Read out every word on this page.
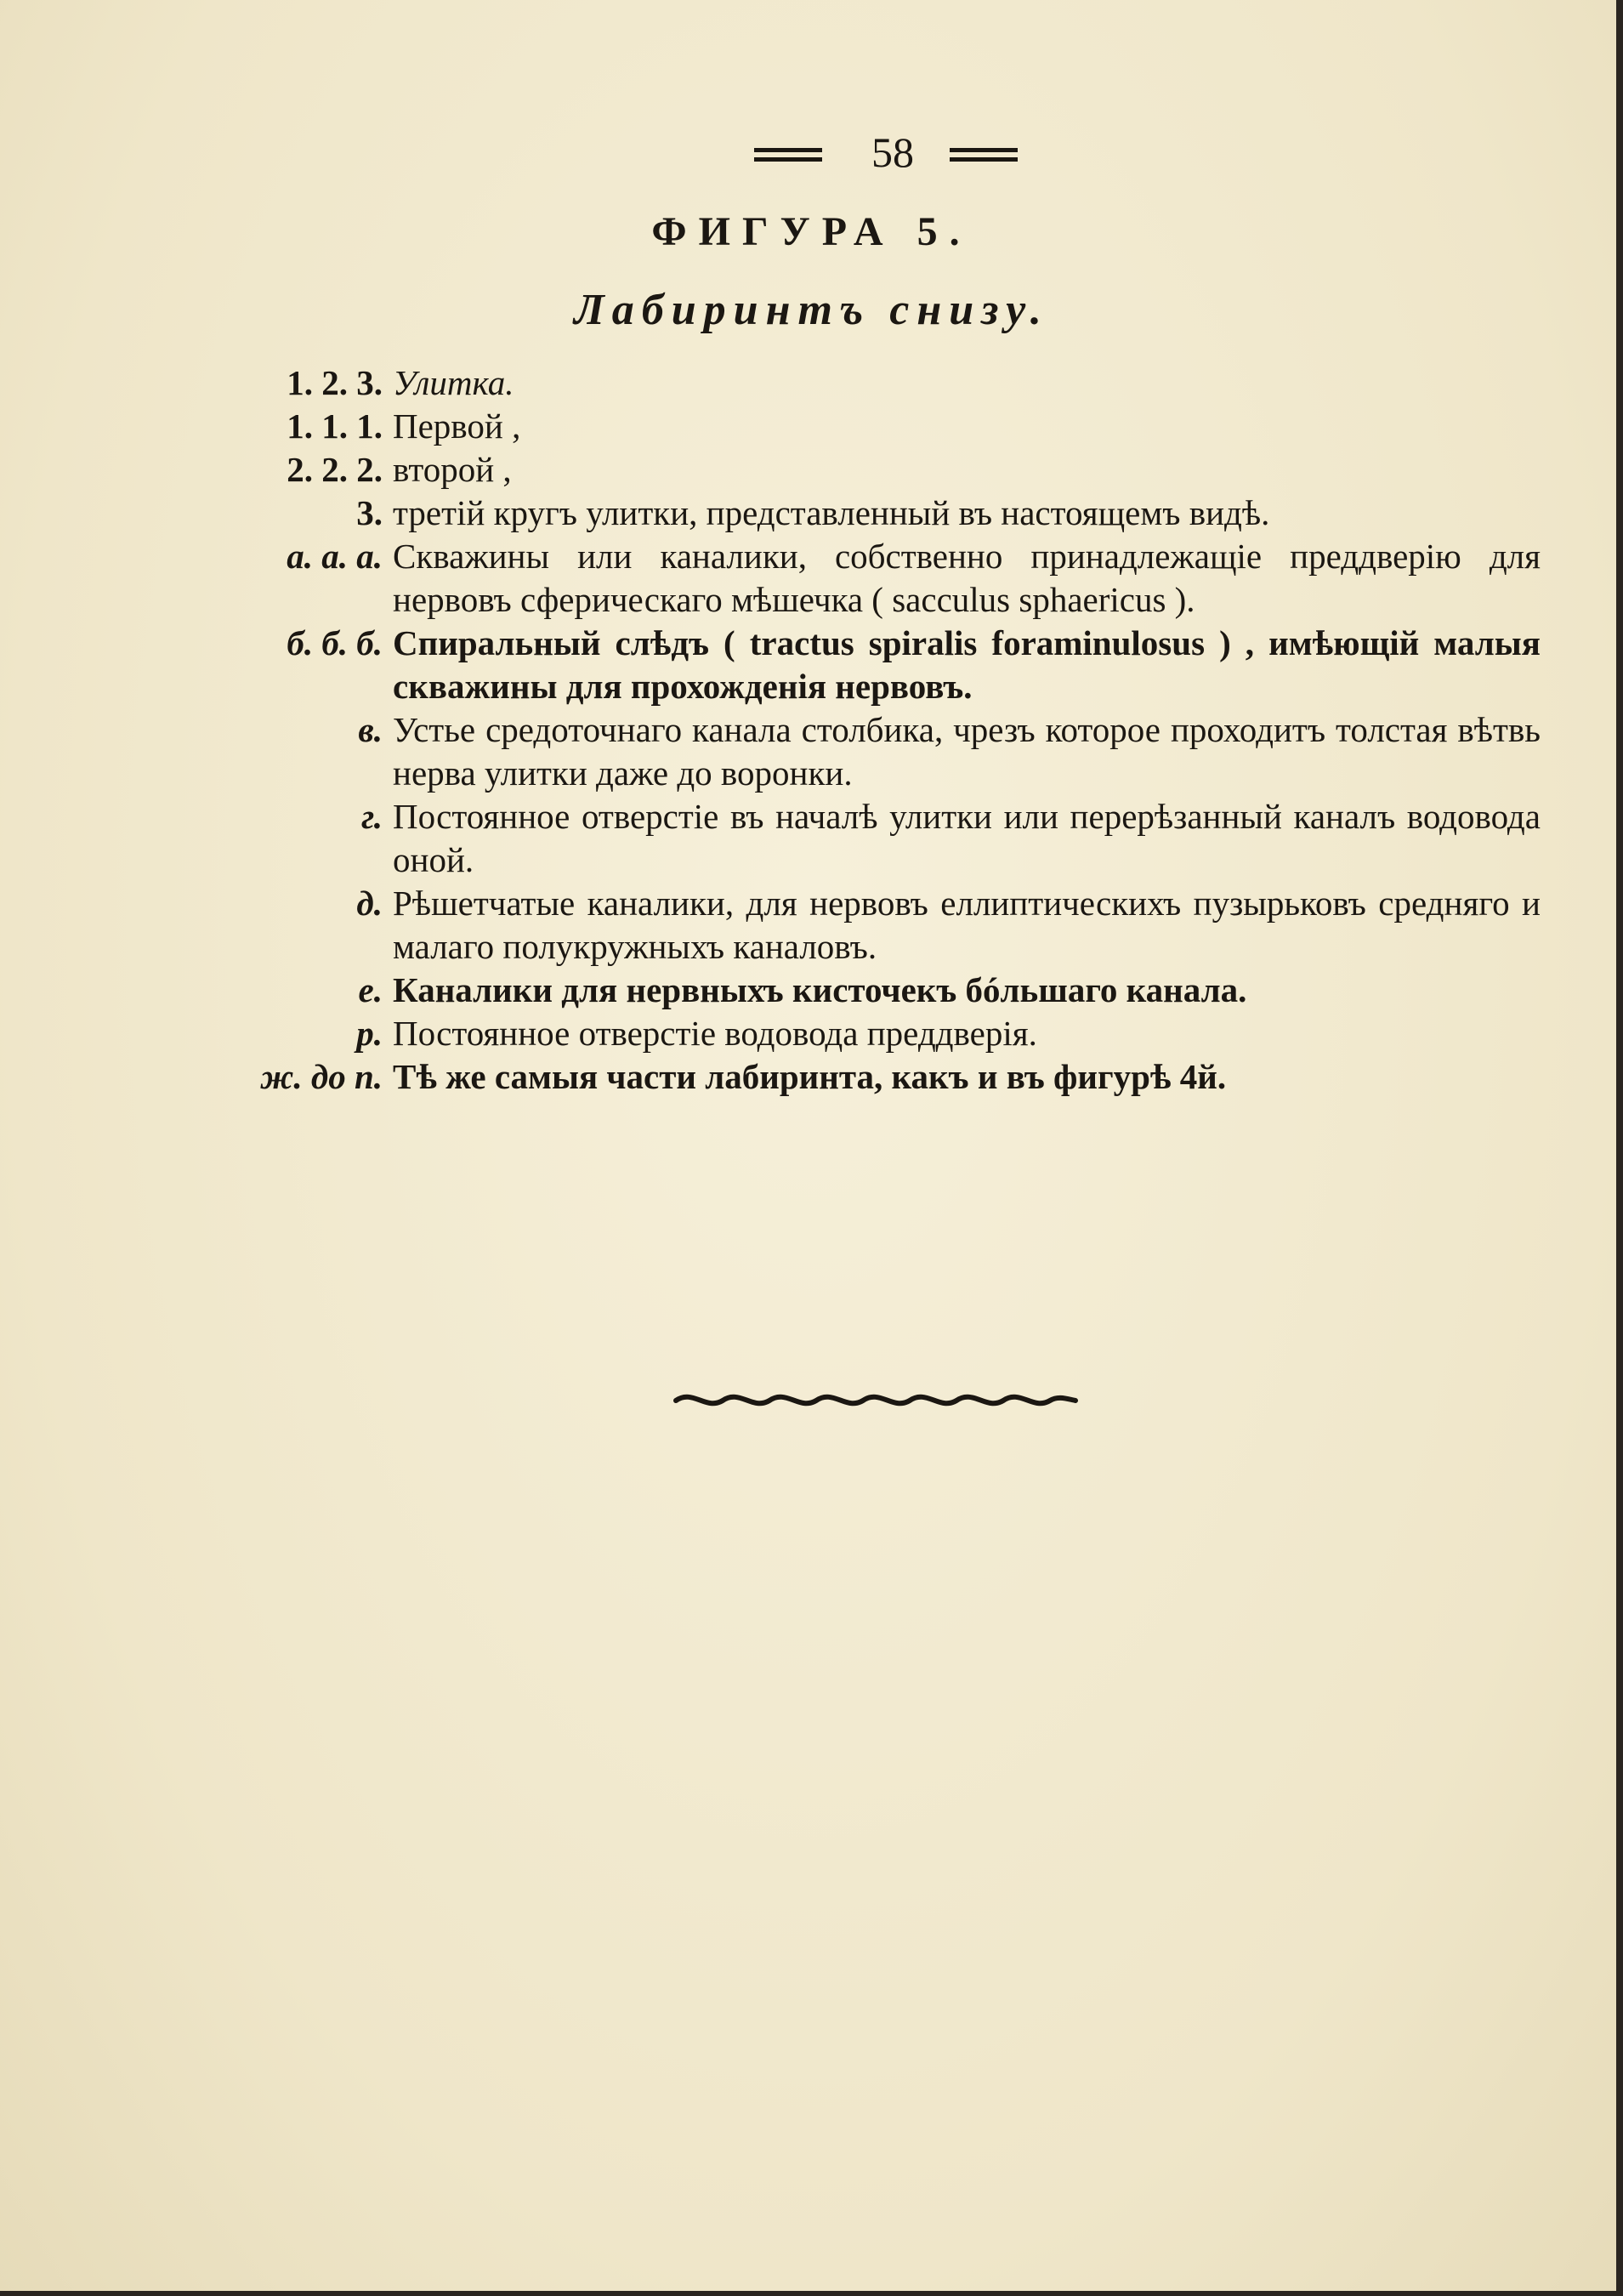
58
ФИГУРА 5.
Лабиринтъ снизу.
1. 2. 3. Улитка.
1. 1. 1. Первой ,
2. 2. 2. второй ,
3. третій кругъ улитки, представленный въ настоящемъ видѣ.
а. а. а. Скважины или каналики, собственно принадлежащіе преддверію для нервовъ сферическаго мѣшечка ( sacculus sphaericus ).
б. б. б. Спиральный слѣдъ ( tractus spiralis foraminulosus ) , имѣющій малыя скважины для прохожденія нервовъ.
в. Устье средоточнаго канала столбика, чрезъ которое проходитъ толстая вѣтвь нерва улитки даже до воронки.
г. Постоянное отверстіе въ началѣ улитки или перерѣзанный каналъ водовода оной.
д. Рѣшетчатые каналики, для нервовъ еллиптическихъ пузырьковъ средняго и малаго полукружныхъ каналовъ.
е. Каналики для нервныхъ кисточекъ бóльшаго канала.
р. Постоянное отверстіе водовода преддверія.
ж. до п. Тѣ же самыя части лабиринта, какъ и въ фигурѣ 4й.
